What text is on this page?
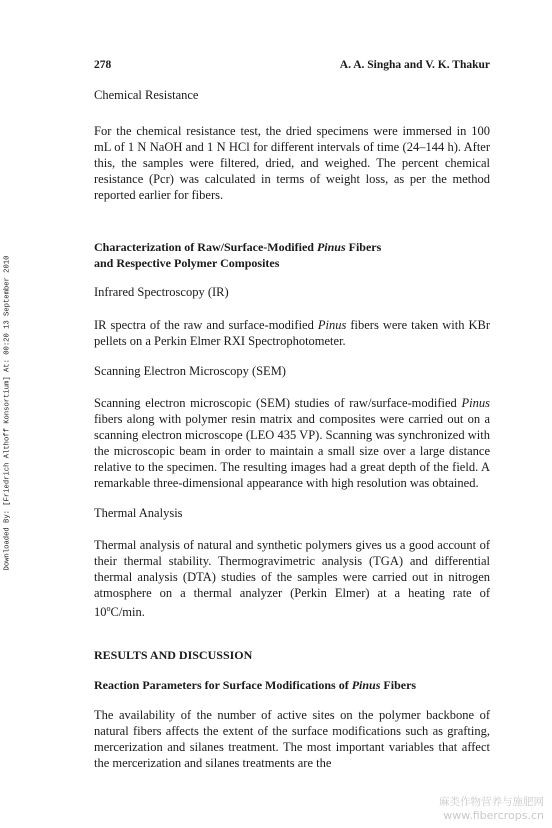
Downloaded By: [Friedrich Althoff Konsortium] At: 00:20 13 September 2010
278	A. A. Singha and V. K. Thakur

Chemical Resistance

For the chemical resistance test, the dried specimens were immersed in 100 mL of 1 N NaOH and 1 N HCl for different intervals of time (24–144 h). After this, the samples were filtered, dried, and weighed. The percent chemical resistance (Pcr) was calculated in terms of weight loss, as per the method reported earlier for fibers.

Characterization of Raw/Surface-Modified Pinus Fibers
and Respective Polymer Composites

Infrared Spectroscopy (IR)

IR spectra of the raw and surface-modified Pinus fibers were taken with KBr pellets on a Perkin Elmer RXI Spectrophotometer.

Scanning Electron Microscopy (SEM)

Scanning electron microscopic (SEM) studies of raw/surface-modified Pinus fibers along with polymer resin matrix and composites were carried out on a scanning electron microscope (LEO 435 VP). Scanning was synchronized with the microscopic beam in order to maintain a small size over a large distance relative to the specimen. The resulting images had a great depth of the field. A remarkable three-dimensional appearance with high resolution was obtained.

Thermal Analysis

Thermal analysis of natural and synthetic polymers gives us a good account of their thermal stability. Thermogravimetric analysis (TGA) and differential thermal analysis (DTA) studies of the samples were carried out in nitrogen atmosphere on a thermal analyzer (Perkin Elmer) at a heating rate of 10$^o$C/min.

RESULTS AND DISCUSSION

Reaction Parameters for Surface Modifications of Pinus Fibers

The availability of the number of active sites on the polymer backbone of natural fibers affects the extent of the surface modifications such as grafting, mercerization and silanes treatment. The most important variables that affect the mercerization and silanes treatments are the

麻类作物营养与施肥网
www.fibercrops.cn
